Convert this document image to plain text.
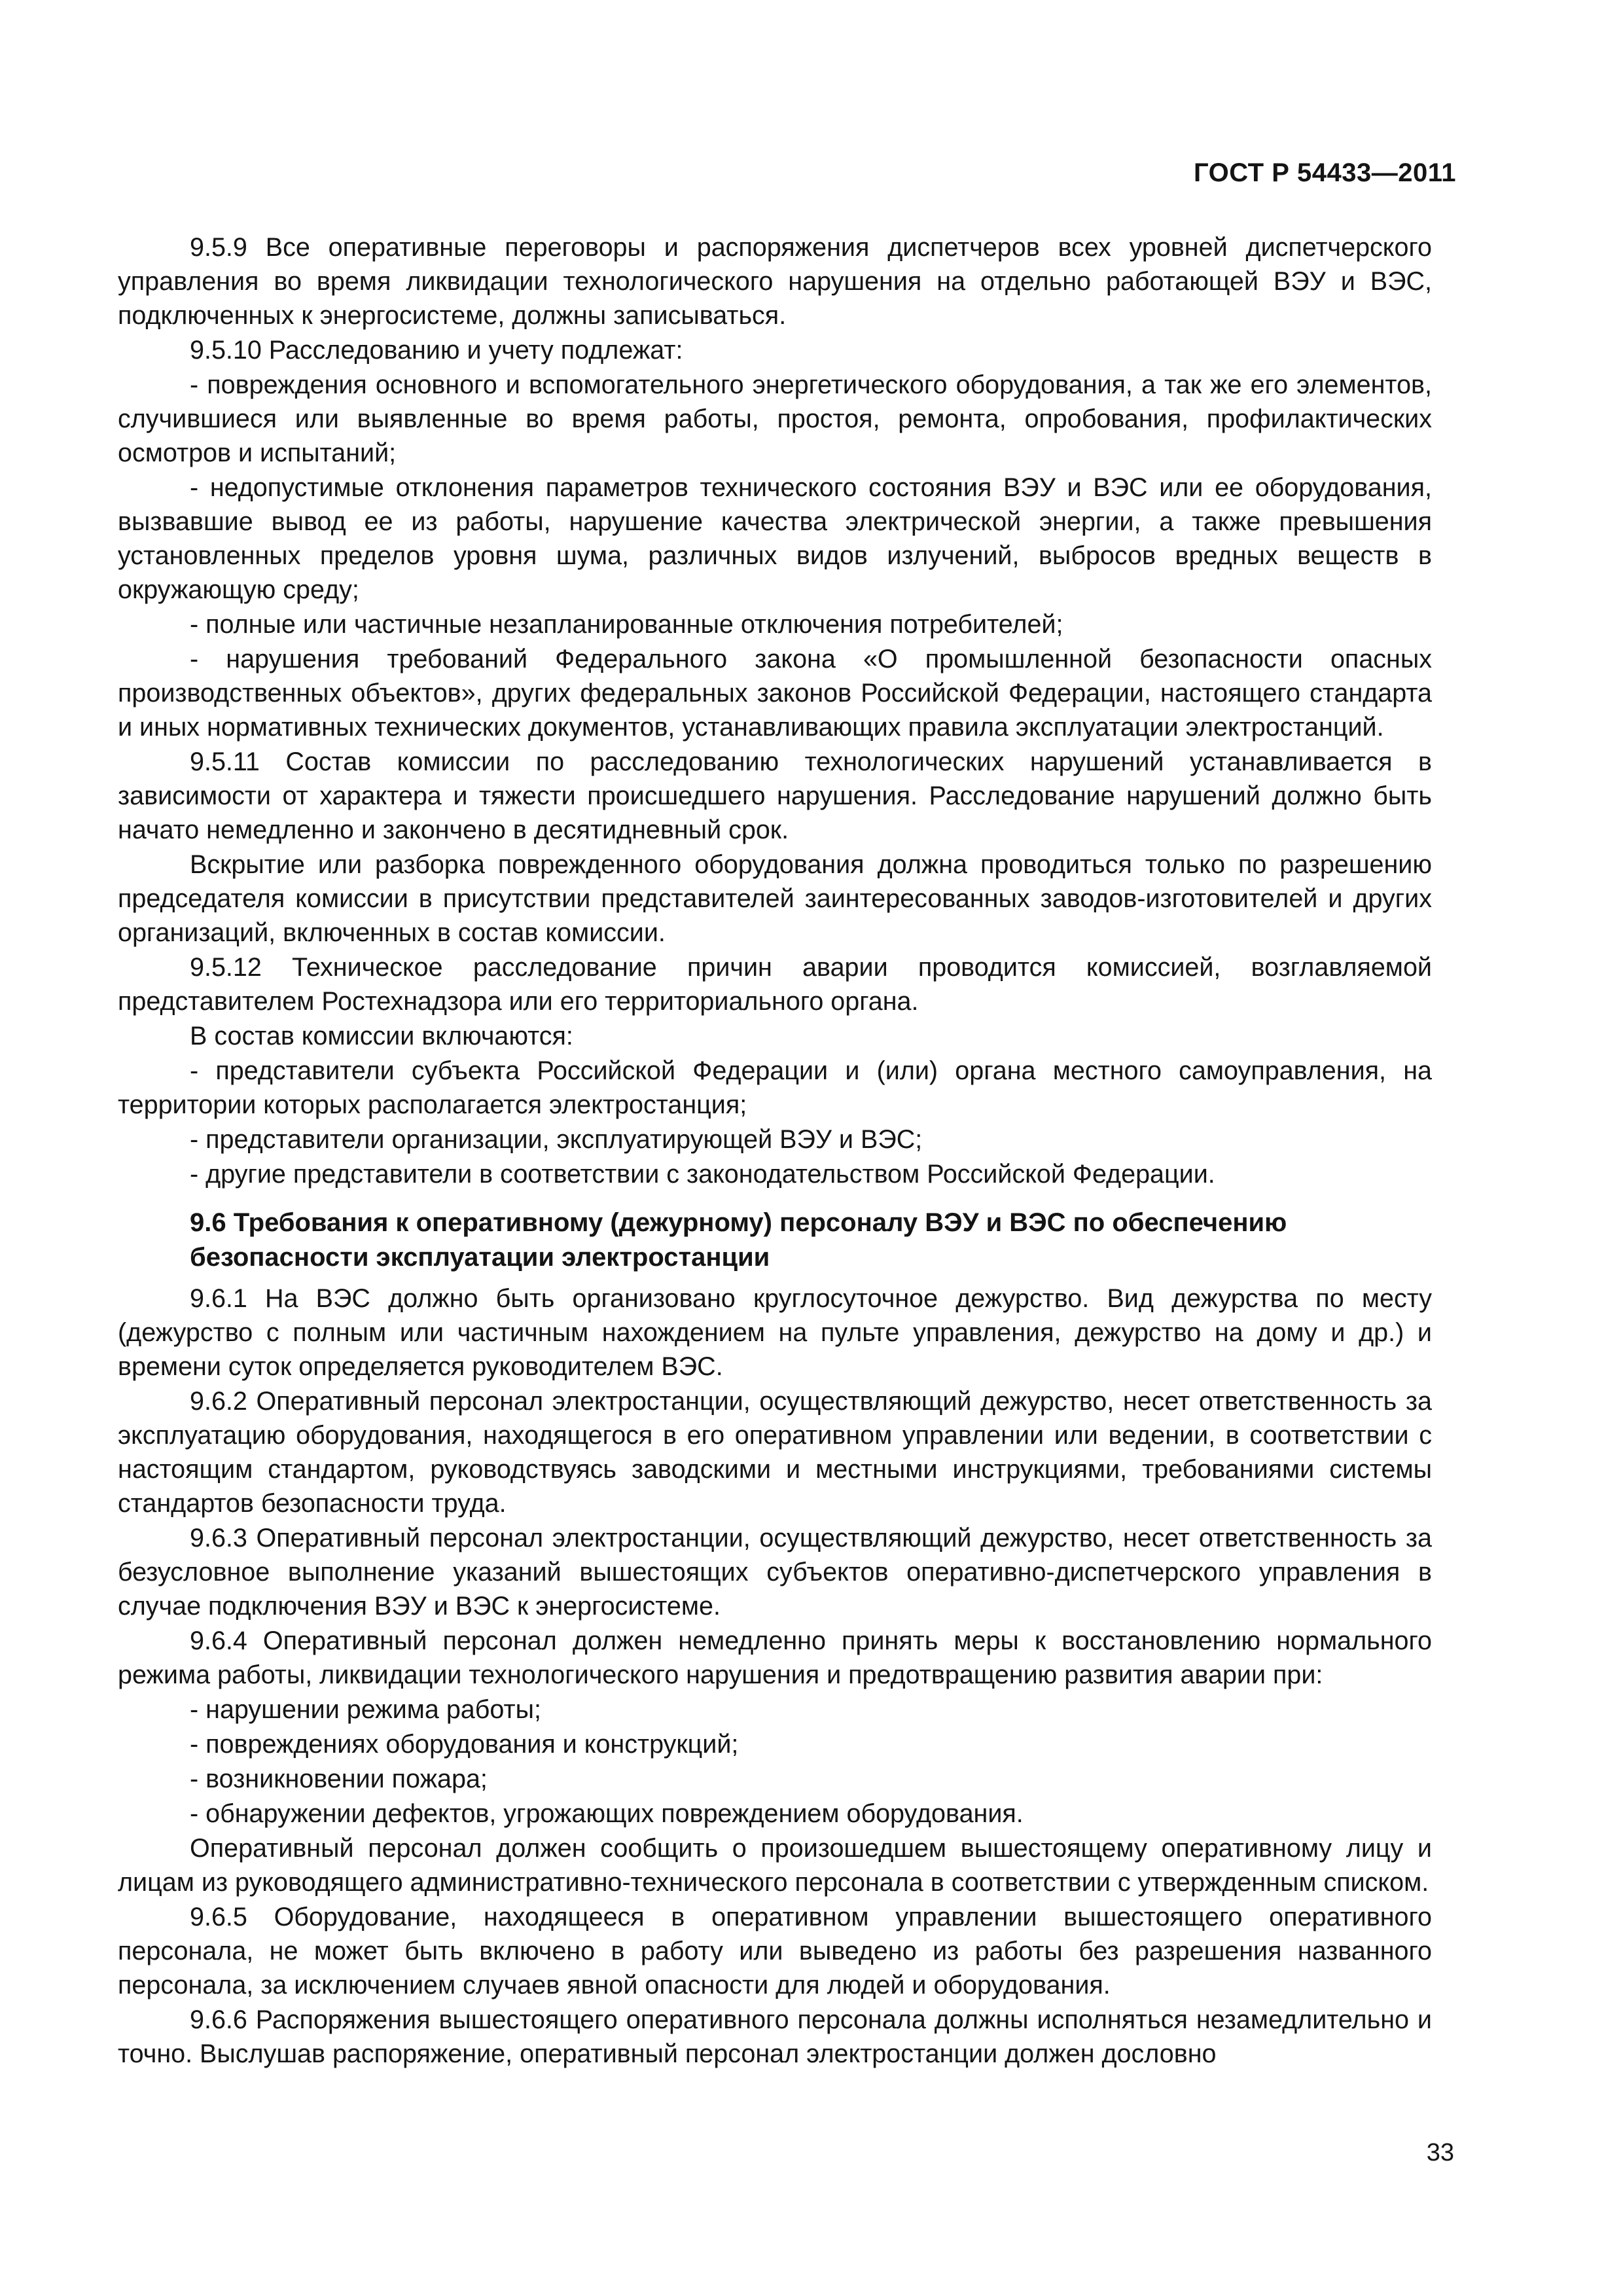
ГОСТ Р 54433—2011

9.5.9 Все оперативные переговоры и распоряжения диспетчеров всех уровней диспетчерского управления во время ликвидации технологического нарушения на отдельно работающей ВЭУ и ВЭС, подключенных к энергосистеме, должны записываться.

9.5.10 Расследованию и учету подлежат:

- повреждения основного и вспомогательного энергетического оборудования, а так же его элементов, случившиеся или выявленные во время работы, простоя, ремонта, опробования, профилактических осмотров и испытаний;

- недопустимые отклонения параметров технического состояния ВЭУ и ВЭС или ее оборудования, вызвавшие вывод ее из работы, нарушение качества электрической энергии, а также превышения установленных пределов уровня шума, различных видов излучений, выбросов вредных веществ в окружающую среду;

- полные или частичные незапланированные отключения потребителей;

- нарушения требований Федерального закона «О промышленной безопасности опасных производственных объектов», других федеральных законов Российской Федерации, настоящего стандарта и иных нормативных технических документов, устанавливающих правила эксплуатации электростанций.

9.5.11 Состав комиссии по расследованию технологических нарушений устанавливается в зависимости от характера и тяжести происшедшего нарушения. Расследование нарушений должно быть начато немедленно и закончено в десятидневный срок.

Вскрытие или разборка поврежденного оборудования должна проводиться только по разрешению председателя комиссии в присутствии представителей заинтересованных заводов-изготовителей и других организаций, включенных в состав комиссии.

9.5.12 Техническое расследование причин аварии проводится комиссией, возглавляемой представителем Ростехнадзора или его территориального органа.

В состав комиссии включаются:

- представители субъекта Российской Федерации и (или) органа местного самоуправления, на территории которых располагается электростанция;

- представители организации, эксплуатирующей ВЭУ и ВЭС;

- другие представители в соответствии с законодательством Российской Федерации.

9.6 Требования к оперативному (дежурному) персоналу ВЭУ и ВЭС по обеспечению безопасности эксплуатации электростанции

9.6.1 На ВЭС должно быть организовано круглосуточное дежурство. Вид дежурства по месту (дежурство с полным или частичным нахождением на пульте управления, дежурство на дому и др.) и времени суток определяется руководителем ВЭС.

9.6.2 Оперативный персонал электростанции, осуществляющий дежурство, несет ответственность за эксплуатацию оборудования, находящегося в его оперативном управлении или ведении, в соответствии с настоящим стандартом, руководствуясь заводскими и местными инструкциями, требованиями системы стандартов безопасности труда.

9.6.3 Оперативный персонал электростанции, осуществляющий дежурство, несет ответственность за безусловное выполнение указаний вышестоящих субъектов оперативно-диспетчерского управления в случае подключения ВЭУ и ВЭС к энергосистеме.

9.6.4 Оперативный персонал должен немедленно принять меры к восстановлению нормального режима работы, ликвидации технологического нарушения и предотвращению развития аварии при:

- нарушении режима работы;

- повреждениях оборудования и конструкций;

- возникновении пожара;

- обнаружении дефектов, угрожающих повреждением оборудования.

Оперативный персонал должен сообщить о произошедшем вышестоящему оперативному лицу и лицам из руководящего административно-технического персонала в соответствии с утвержденным списком.

9.6.5 Оборудование, находящееся в оперативном управлении вышестоящего оперативного персонала, не может быть включено в работу или выведено из работы без разрешения названного персонала, за исключением случаев явной опасности для людей и оборудования.

9.6.6 Распоряжения вышестоящего оперативного персонала должны исполняться незамедлительно и точно. Выслушав распоряжение, оперативный персонал электростанции должен дословно

33
